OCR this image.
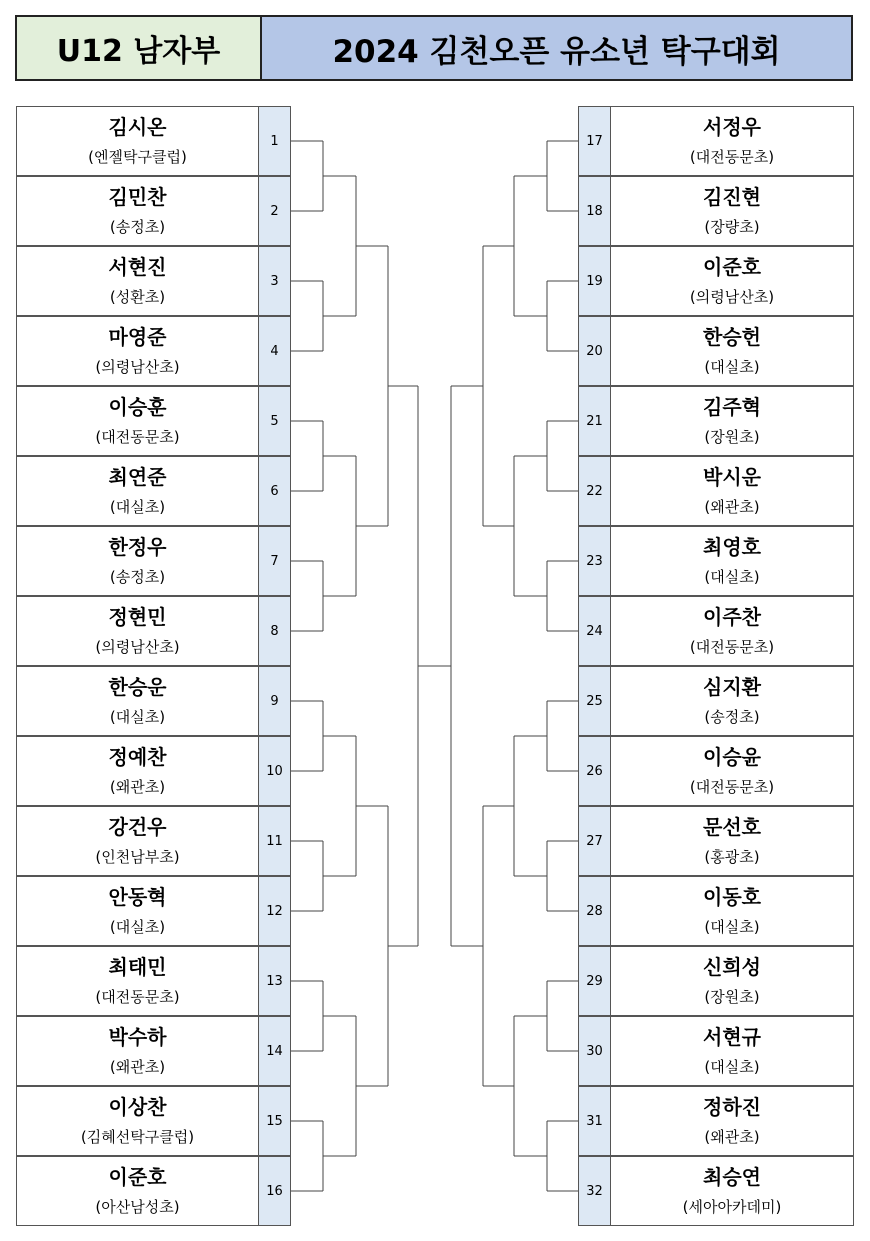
U12 남자부	2024 김천오픈 유소년 탁구대회
김시온
(엔젤탁구클럽)
1
김민찬
(송정초)
2
서현진
(성환초)
3
마영준
(의령남산초)
4
이승훈
(대전동문초)
5
최연준
(대실초)
6
한정우
(송정초)
7
정현민
(의령남산초)
8
한승운
(대실초)
9
정예찬
(왜관초)
10
강건우
(인천남부초)
11
안동혁
(대실초)
12
최태민
(대전동문초)
13
박수하
(왜관초)
14
이상찬
(김혜선탁구클럽)
15
이준호
(아산남성초)
16
서정우
(대전동문초)
17
김진현
(장량초)
18
이준호
(의령남산초)
19
한승헌
(대실초)
20
김주혁
(장원초)
21
박시운
(왜관초)
22
최영호
(대실초)
23
이주찬
(대전동문초)
24
심지환
(송정초)
25
이승윤
(대전동문초)
26
문선호
(홍광초)
27
이동호
(대실초)
28
신희성
(장원초)
29
서현규
(대실초)
30
정하진
(왜관초)
31
최승연
(세아아카데미)
32
